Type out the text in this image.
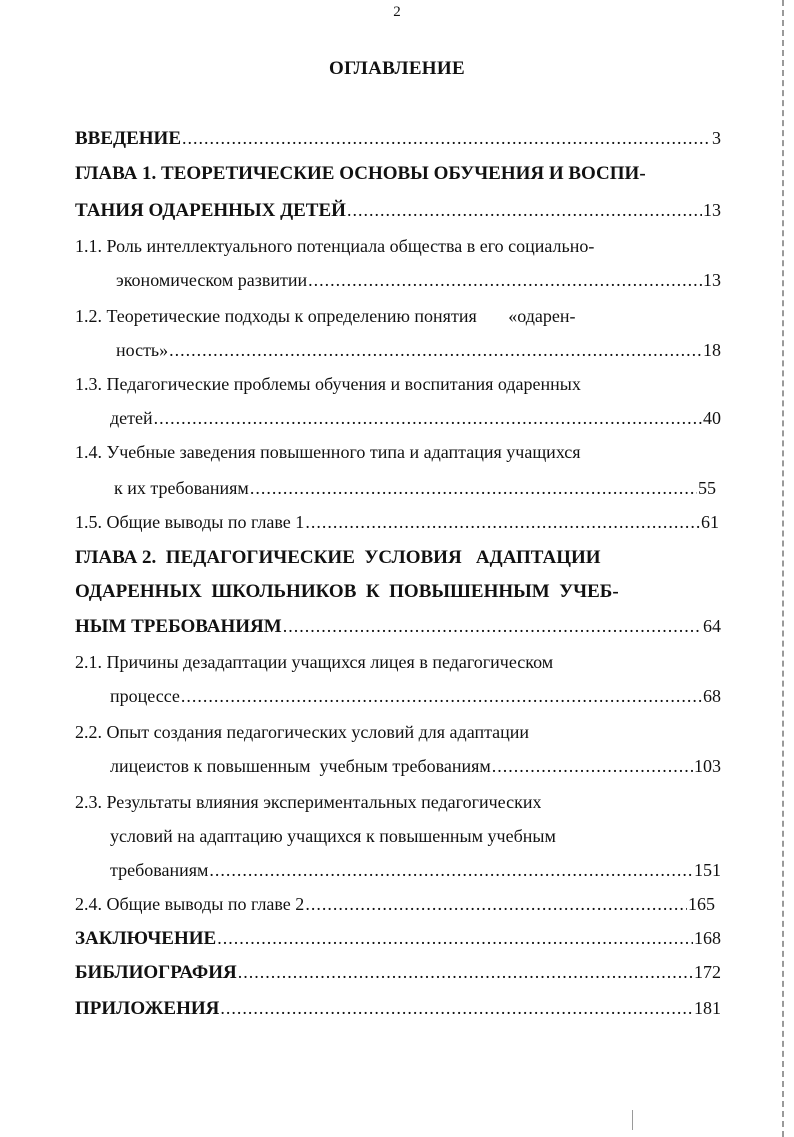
2
ОГЛАВЛЕНИЕ
ВВЕДЕНИЕ .....	3
ГЛАВА 1. ТЕОРЕТИЧЕСКИЕ ОСНОВЫ ОБУЧЕНИЯ И ВОСПИ-
ТАНИЯ ОДАРЕННЫХ ДЕТЕЙ .....	13
1.1. Роль интеллектуального потенциала общества в его социально-
экономическом развитии .....	13
1.2. Теоретические подходы к определению понятия       «одарен-
ность» .....	18
1.3. Педагогические проблемы обучения и воспитания одаренных
детей .....	40
1.4. Учебные заведения повышенного типа и адаптация учащихся
к их требованиям .....	55
1.5. Общие выводы по главе 1 .....	61
ГЛАВА 2.  ПЕДАГОГИЧЕСКИЕ  УСЛОВИЯ   АДАПТАЦИИ
ОДАРЕННЫХ  ШКОЛЬНИКОВ  К  ПОВЫШЕННЫМ  УЧЕБ-
НЫМ ТРЕБОВАНИЯМ .....	64
2.1. Причины дезадаптации учащихся лицея в педагогическом
процессе .....	68
2.2. Опыт создания педагогических условий для адаптации
лицеистов к повышенным  учебным требованиям .....	103
2.3. Результаты влияния экспериментальных педагогических
условий на адаптацию учащихся к повышенным учебным
требованиям .....	151
2.4. Общие выводы по главе 2 .....	165
ЗАКЛЮЧЕНИЕ .....	168
БИБЛИОГРАФИЯ .....	172
ПРИЛОЖЕНИЯ .....	181
